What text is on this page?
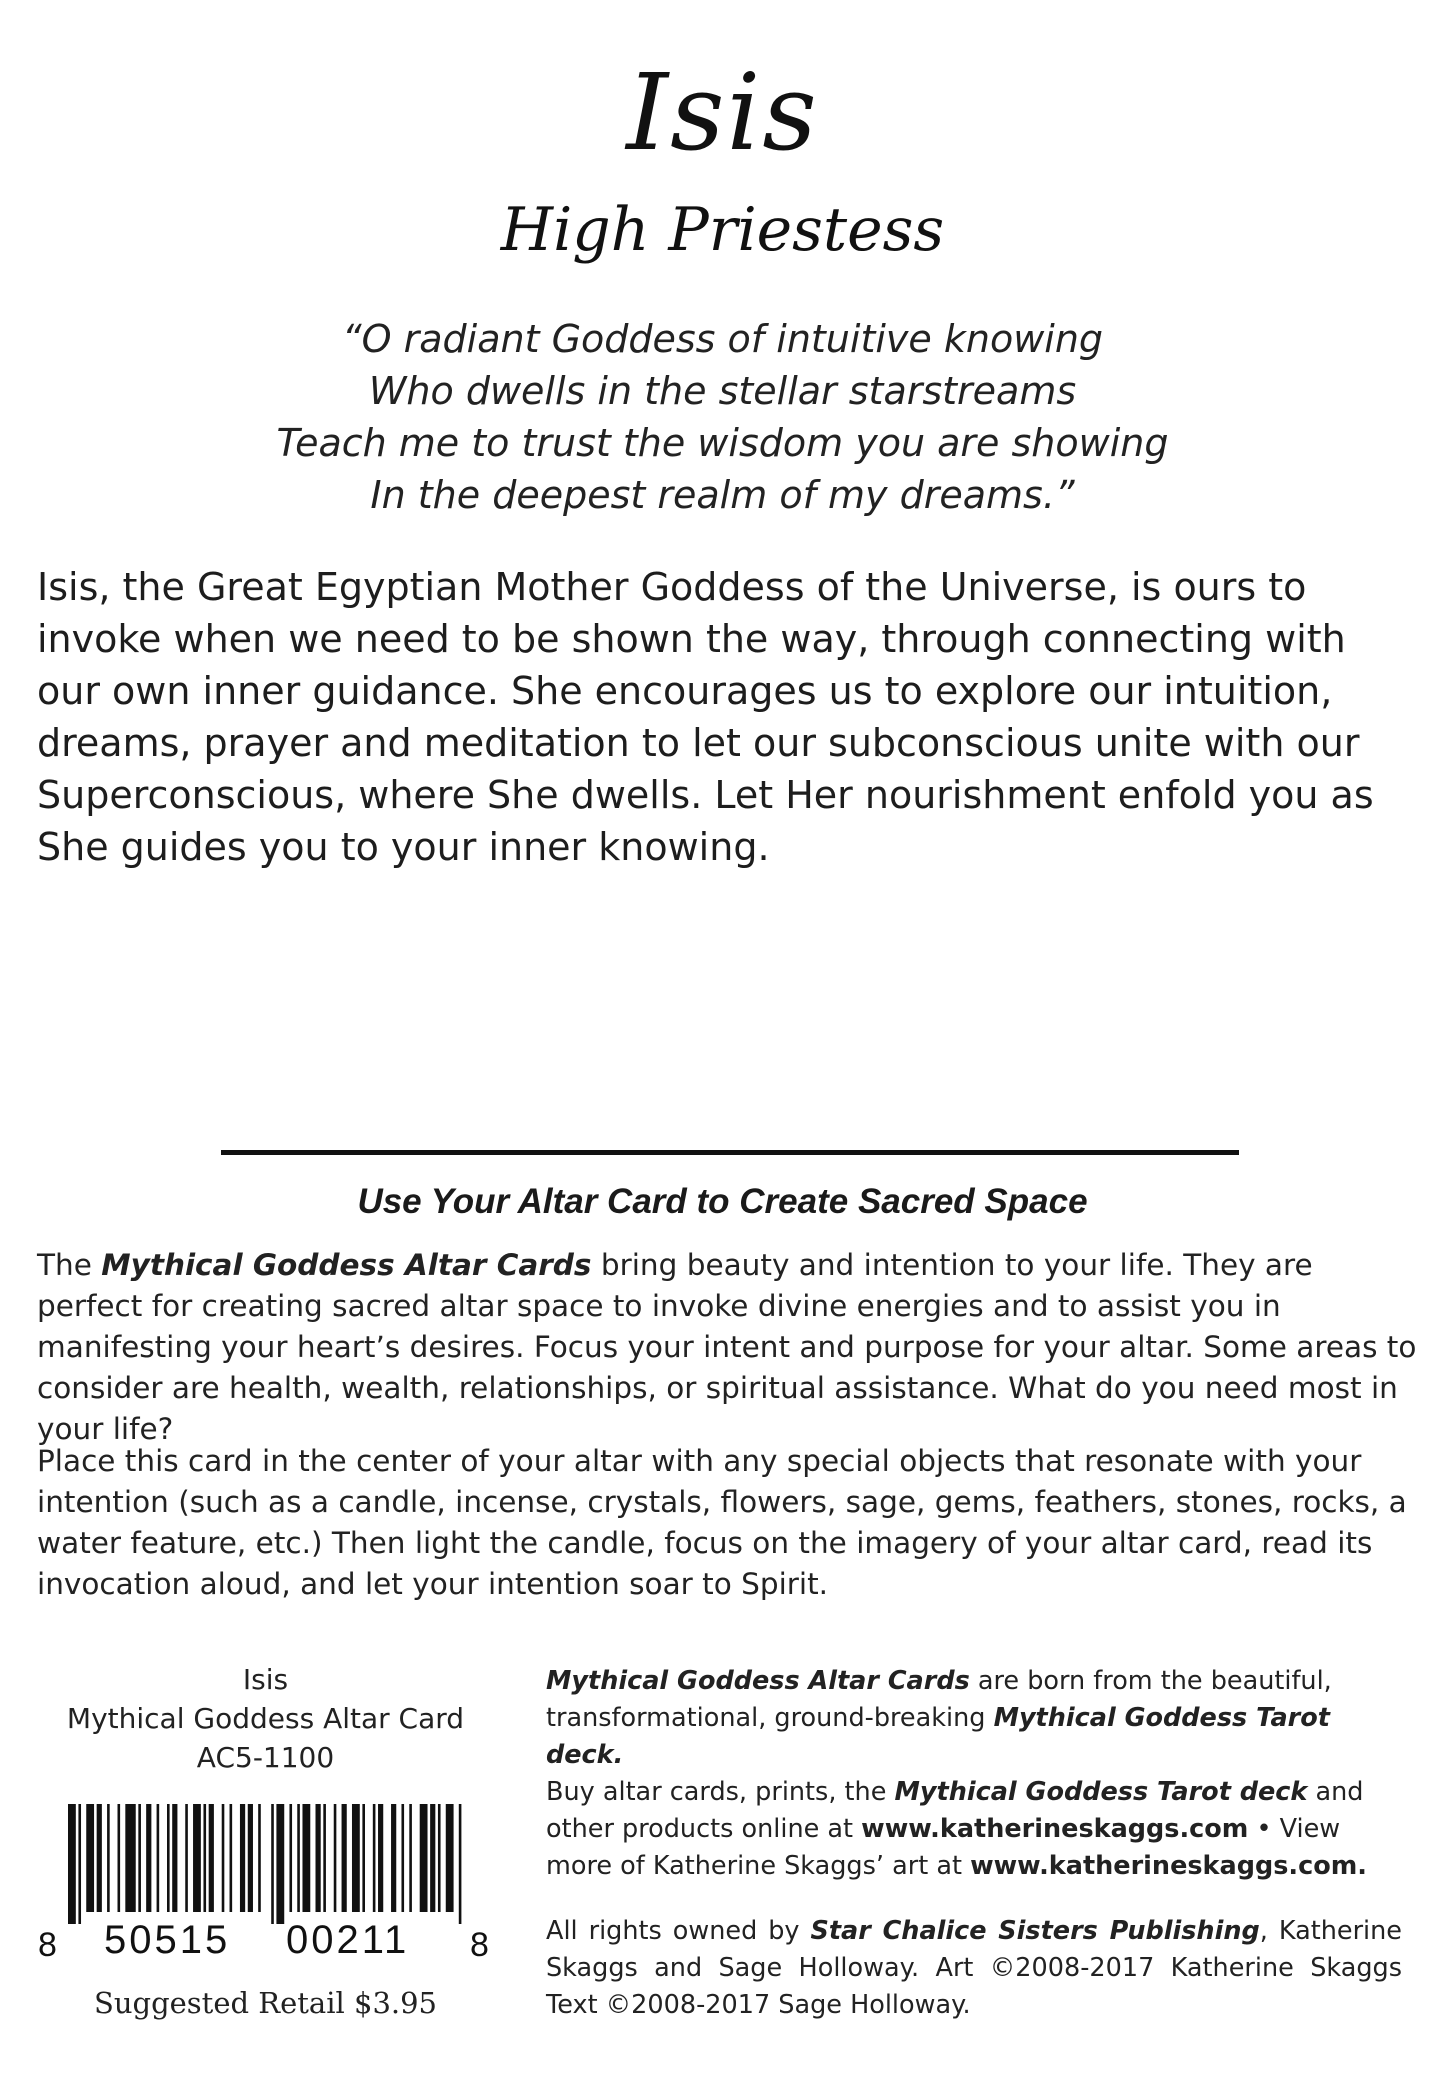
Isis
High Priestess
“O radiant Goddess of intuitive knowing
Who dwells in the stellar starstreams
Teach me to trust the wisdom you are showing
In the deepest realm of my dreams.”
Isis, the Great Egyptian Mother Goddess of the Universe, is ours to invoke when we need to be shown the way, through connecting with our own inner guidance. She encourages us to explore our intuition, dreams, prayer and meditation to let our subconscious unite with our Superconscious, where She dwells. Let Her nourishment enfold you as She guides you to your inner knowing.
Use Your Altar Card to Create Sacred Space
The Mythical Goddess Altar Cards bring beauty and intention to your life. They are perfect for creating sacred altar space to invoke divine energies and to assist you in manifesting your heart’s desires. Focus your intent and purpose for your altar. Some areas to consider are health, wealth, relationships, or spiritual assistance. What do you need most in your life?
Place this card in the center of your altar with any special objects that resonate with your intention (such as a candle, incense, crystals, flowers, sage, gems, feathers, stones, rocks, a water feature, etc.) Then light the candle, focus on the imagery of your altar card, read its invocation aloud, and let your intention soar to Spirit.
Isis
Mythical Goddess Altar Card
AC5-1100
8 50515 00211 8
Suggested Retail $3.95
Mythical Goddess Altar Cards are born from the beautiful, transformational, ground-breaking Mythical Goddess Tarot deck.
Buy altar cards, prints, the Mythical Goddess Tarot deck and other products online at www.katherineskaggs.com • View more of Katherine Skaggs’ art at www.katherineskaggs.com.
All rights owned by Star Chalice Sisters Publishing, Katherine Skaggs and Sage Holloway. Art ©2008-2017 Katherine Skaggs Text ©2008-2017 Sage Holloway.
